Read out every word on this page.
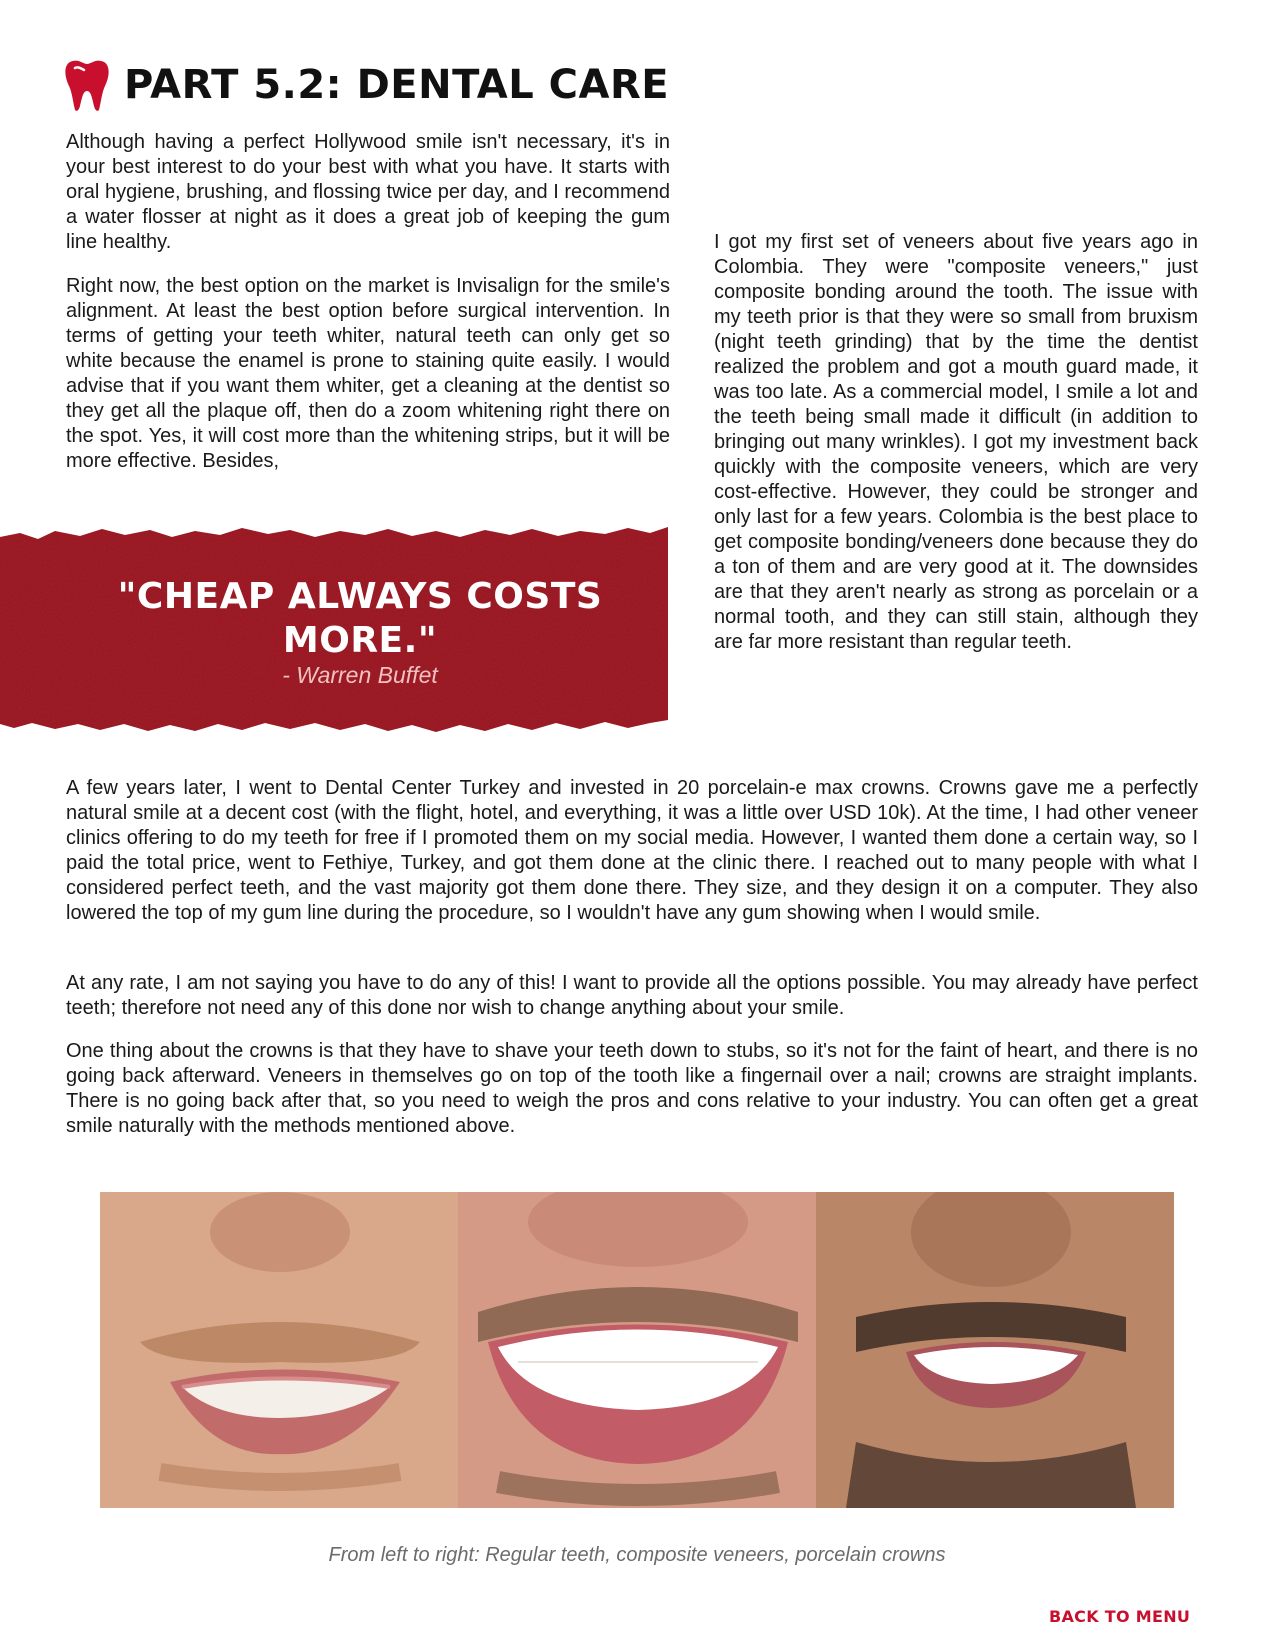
PART 5.2: DENTAL CARE

Although having a perfect Hollywood smile isn't necessary, it's in your best interest to do your best with what you have. It starts with oral hygiene, brushing, and flossing twice per day, and I recommend a water flosser at night as it does a great job of keeping the gum line healthy.

Right now, the best option on the market is Invisalign for the smile's alignment. At least the best option before surgical intervention. In terms of getting your teeth whiter, natural teeth can only get so white because the enamel is prone to staining quite easily. I would advise that if you want them whiter, get a cleaning at the dentist so they get all the plaque off, then do a zoom whitening right there on the spot. Yes, it will cost more than the whitening strips, but it will be more effective. Besides,

"CHEAP ALWAYS COSTS MORE."
- Warren Buffet

I got my first set of veneers about five years ago in Colombia. They were "composite veneers," just composite bonding around the tooth. The issue with my teeth prior is that they were so small from bruxism (night teeth grinding) that by the time the dentist realized the problem and got a mouth guard made, it was too late. As a commercial model, I smile a lot and the teeth being small made it difficult (in addition to bringing out many wrinkles). I got my investment back quickly with the composite veneers, which are very cost-effective. However, they could be stronger and only last for a few years. Colombia is the best place to get composite bonding/veneers done because they do a ton of them and are very good at it. The downsides are that they aren't nearly as strong as porcelain or a normal tooth, and they can still stain, although they are far more resistant than regular teeth.

A few years later, I went to Dental Center Turkey and invested in 20 porcelain-e max crowns. Crowns gave me a perfectly natural smile at a decent cost (with the flight, hotel, and everything, it was a little over USD 10k). At the time, I had other veneer clinics offering to do my teeth for free if I promoted them on my social media. However, I wanted them done a certain way, so I paid the total price, went to Fethiye, Turkey, and got them done at the clinic there. I reached out to many people with what I considered perfect teeth, and the vast majority got them done there. They size, and they design it on a computer. They also lowered the top of my gum line during the procedure, so I wouldn't have any gum showing when I would smile.

At any rate, I am not saying you have to do any of this! I want to provide all the options possible. You may already have perfect teeth; therefore not need any of this done nor wish to change anything about your smile.

One thing about the crowns is that they have to shave your teeth down to stubs, so it's not for the faint of heart, and there is no going back afterward. Veneers in themselves go on top of the tooth like a fingernail over a nail; crowns are straight implants. There is no going back after that, so you need to weigh the pros and cons relative to your industry. You can often get a great smile naturally with the methods mentioned above.

From left to right: Regular teeth, composite veneers, porcelain crowns
BACK TO MENU
